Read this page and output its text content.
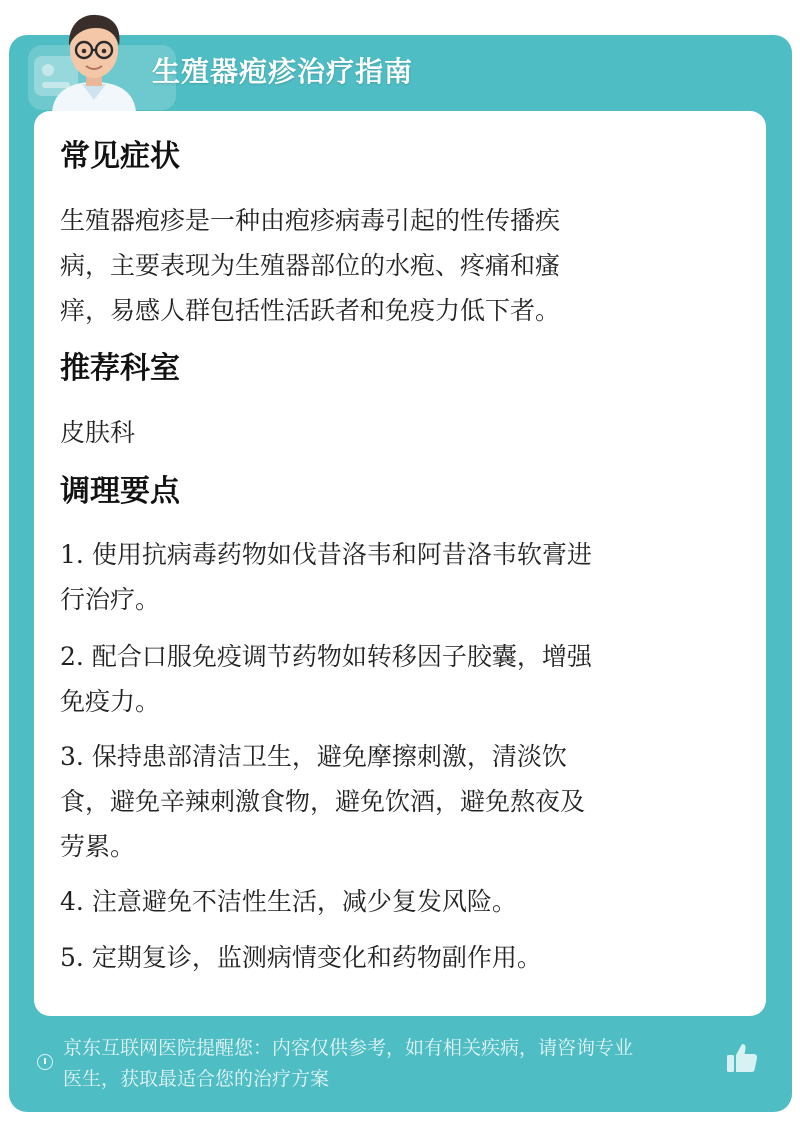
生殖器疱疹治疗指南
常见症状
生殖器疱疹是一种由疱疹病毒引起的性传播疾
病，主要表现为生殖器部位的水疱、疼痛和瘙
痒，易感人群包括性活跃者和免疫力低下者。
推荐科室
皮肤科
调理要点
1. 使用抗病毒药物如伐昔洛韦和阿昔洛韦软膏进
行治疗。
2. 配合口服免疫调节药物如转移因子胶囊，增强
免疫力。
3. 保持患部清洁卫生，避免摩擦刺激，清淡饮
食，避免辛辣刺激食物，避免饮酒，避免熬夜及
劳累。
4. 注意避免不洁性生活，减少复发风险。
5. 定期复诊，监测病情变化和药物副作用。
京东互联网医院提醒您：内容仅供参考，如有相关疾病，请咨询专业
医生，获取最适合您的治疗方案
